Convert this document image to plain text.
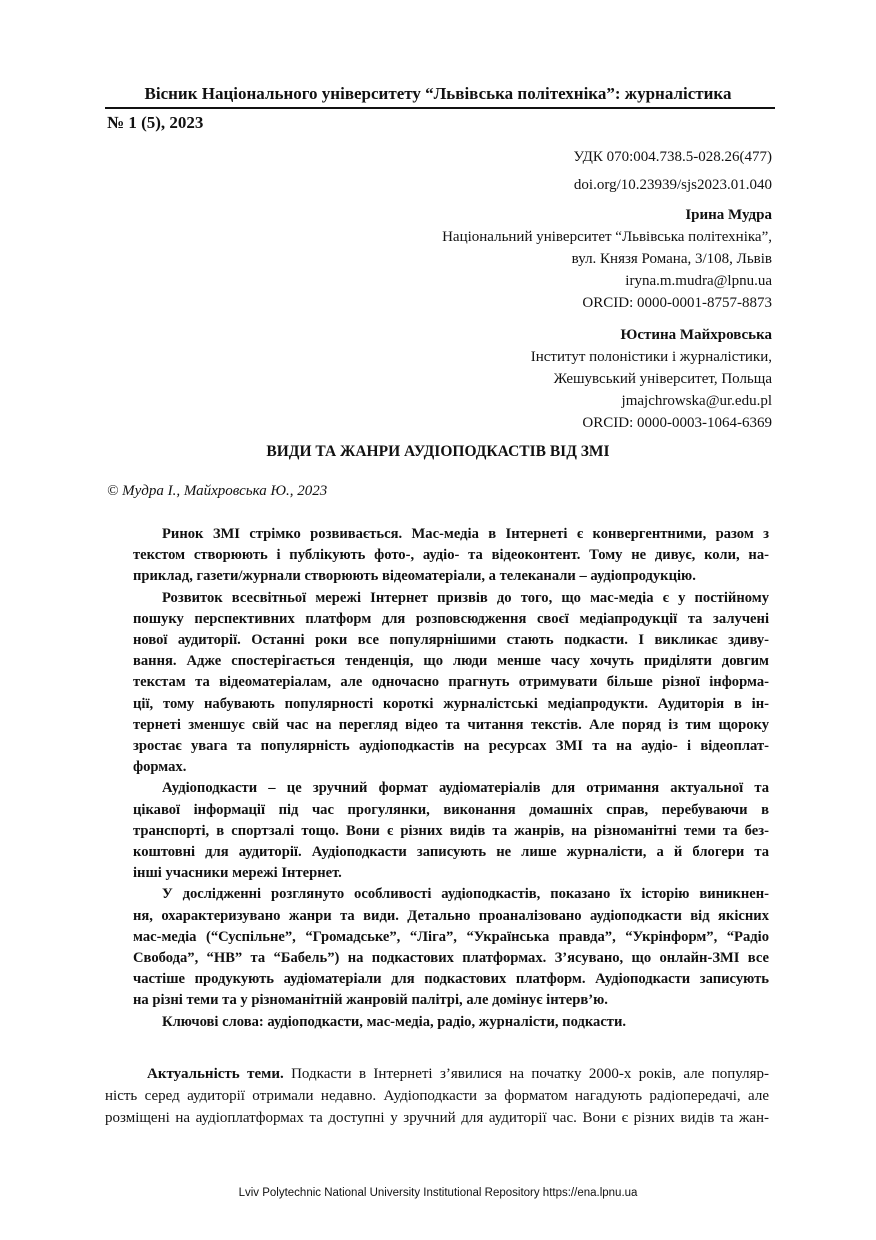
Вісник Національного університету “Львівська політехніка”: журналістика
№ 1 (5), 2023
УДК 070:004.738.5-028.26(477)
doi.org/10.23939/sjs2023.01.040
Ірина Мудра
Національний університет “Львівська політехніка”,
вул. Князя Романа, 3/108, Львів
iryna.m.mudra@lpnu.ua
ORCID: 0000-0001-8757-8873
Юстина Майхровська
Інститут полоністики і журналістики,
Жешувський університет, Польща
jmajchrowska@ur.edu.pl
ORCID: 0000-0003-1064-6369
ВИДИ ТА ЖАНРИ АУДІОПОДКАСТІВ ВІД ЗМІ
© Мудра І., Майхровська Ю., 2023
Ринок ЗМІ стрімко розвивається. Мас-медіа в Інтернеті є конвергентними, разом з
текстом створюють і публікують фото-, аудіо- та відеоконтент. Тому не дивує, коли, на-
приклад, газети/журнали створюють відеоматеріали, а телеканали – аудіопродукцію.
Розвиток всесвітньої мережі Інтернет призвів до того, що мас-медіа є у постійному
пошуку перспективних платформ для розповсюдження своєї медіапродукції та залучені
нової аудиторії. Останні роки все популярнішими стають подкасти. І викликає здиву-
вання. Адже спостерігається тенденція, що люди менше часу хочуть приділяти довгим
текстам та відеоматеріалам, але одночасно прагнуть отримувати більше різної інформа-
ції, тому набувають популярності короткі журналістські медіапродукти. Аудиторія в ін-
тернеті зменшує свій час на перегляд відео та читання текстів. Але поряд із тим щороку
зростає увага та популярність аудіоподкастів на ресурсах ЗМІ та на аудіо- і відеоплат-
формах.
Аудіоподкасти – це зручний формат аудіоматеріалів для отримання актуальної та
цікавої інформації під час прогулянки, виконання домашніх справ, перебуваючи в
транспорті, в спортзалі тощо. Вони є різних видів та жанрів, на різноманітні теми та без-
коштовні для аудиторії. Аудіоподкасти записують не лише журналісти, а й блогери та
інші учасники мережі Інтернет.
У дослідженні розглянуто особливості аудіоподкастів, показано їх історію виникнен-
ня, охарактеризувано жанри та види. Детально проаналізовано аудіоподкасти від якісних
мас-медіа (“Суспільне”, “Громадське”, “Ліга”, “Українська правда”, “Укрінформ”, “Радіо
Свобода”, “НВ” та “Бабель”) на подкастових платформах. З’ясувано, що онлайн-ЗМІ все
частіше продукують аудіоматеріали для подкастових платформ. Аудіоподкасти записують
на різні теми та у різноманітній жанровій палітрі, але домінує інтерв’ю.
Ключові слова: аудіоподкасти, мас-медіа, радіо, журналісти, подкасти.
Актуальність теми. Подкасти в Інтернеті з’явилися на початку 2000-х років, але популяр-
ність серед аудиторії отримали недавно. Аудіоподкасти за форматом нагадують радіопередачі, але
розміщені на аудіоплатформах та доступні у зручний для аудиторії час. Вони є різних видів та жан-
Lviv Polytechnic National University Institutional Repository https://ena.lpnu.ua
